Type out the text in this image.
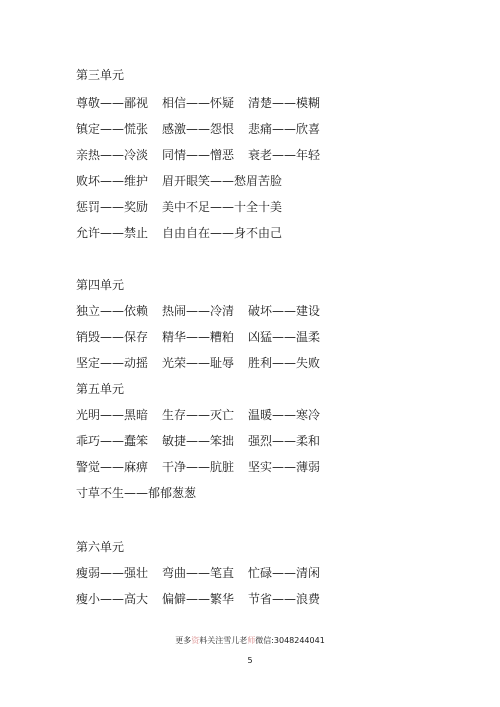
第三单元
尊敬——鄙视 相信——怀疑 清楚——模糊
镇定——慌张 感激——怨恨 悲痛——欣喜
亲热——冷淡 同情——憎恶 衰老——年轻
败坏——维护 眉开眼笑——愁眉苦脸
惩罚——奖励 美中不足——十全十美
允许——禁止 自由自在——身不由己
第四单元
独立——依赖 热闹——冷清 破坏——建设
销毁——保存 精华——糟粕 凶猛——温柔
坚定——动摇 光荣——耻辱 胜利——失败
第五单元
光明——黑暗 生存——灭亡 温暖——寒冷
乖巧——蠢笨 敏捷——笨拙 强烈——柔和
警觉——麻痹 干净——肮脏 坚实——薄弱
寸草不生——郁郁葱葱
第六单元
瘦弱——强壮 弯曲——笔直 忙碌——清闲
瘦小——高大 偏僻——繁华 节省——浪费
更多资料关注雪儿老师微信:3048244041
5
